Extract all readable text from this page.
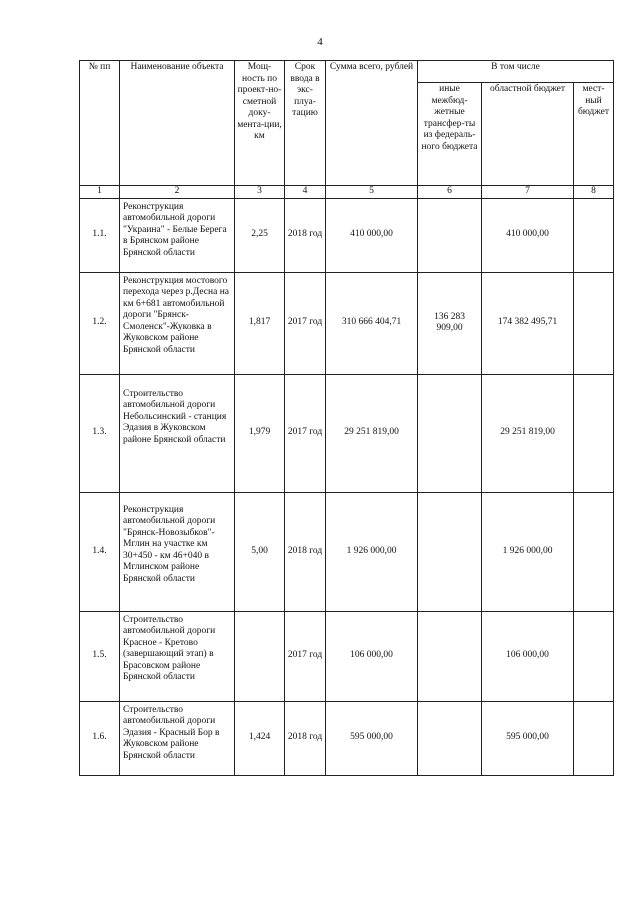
4
№ пп	Наименование объекта	Мощ-ность по проект-но-сметной доку-мента-ции, км	Срок ввода в экс-плуа-тацию	Сумма всего, рублей	В том числе		
					иные межбюд-жетные трансфер-ты из федераль-ного бюджета	областной бюджет	мест-ный бюджет
1	2	3	4	5	6	7	8
1.1.	Реконструкция автомобильной дороги "Украина" - Белые Берега в Брянском районе Брянской области	2,25	2018 год	410 000,00		410 000,00	
1.2.	Реконструкция мостового перехода через р.Десна на км 6+681 автомобильной дороги "Брянск-Смоленск"-Жуковка в Жуковском районе Брянской области	1,817	2017 год	310 666 404,71	136 283 909,00	174 382 495,71	
1.3.	Строительство автомобильной дороги Небольсинский - станция Эдазия в Жуковском районе Брянской области	1,979	2017 год	29 251 819,00		29 251 819,00	
1.4.	Реконструкция автомобильной дороги "Брянск-Новозыбков"-Мглин на участке км 30+450 - км 46+040 в Мглинском районе Брянской области	5,00	2018 год	1 926 000,00		1 926 000,00	
1.5.	Строительство автомобильной дороги Красное - Кретово (завершающий этап) в Брасовском районе Брянской области		2017 год	106 000,00		106 000,00	
1.6.	Строительство автомобильной дороги Эдазия - Красный Бор в Жуковском районе Брянской области	1,424	2018 год	595 000,00		595 000,00	
